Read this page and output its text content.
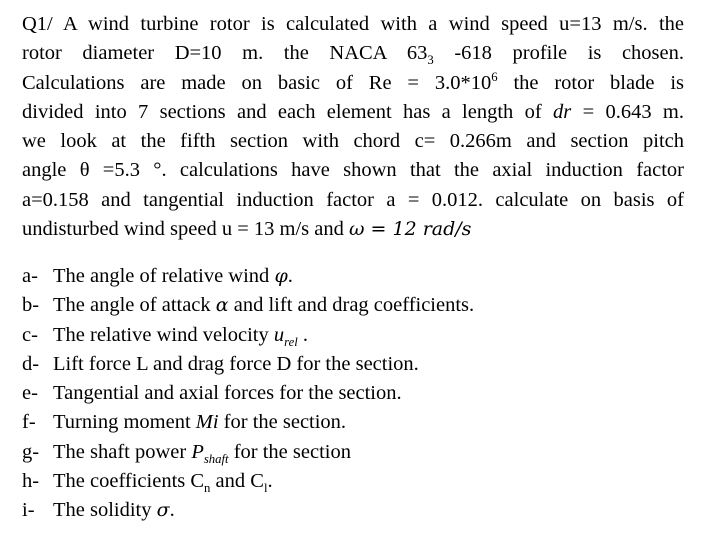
Q1/ A wind turbine rotor is calculated with a wind speed u=13 m/s. the
rotor diameter D=10 m. the NACA $63_3$ -618 profile is chosen.
Calculations are made on basic of $Re = 3.0*10^6$ the rotor blade is
divided into 7 sections and each element has a length of dr = 0.643 m.
we look at the fifth section with chord c= 0.266m and section pitch
angle θ =5.3 °. calculations have shown that the axial induction factor
a=0.158 and tangential induction factor a = 0.012. calculate on basis of
undisturbed wind speed u = 13 m/s and ω = 12 rad/s
a- The angle of relative wind φ.
b- The angle of attack α and lift and drag coefficients.
c- The relative wind velocity $u_{rel}$ .
d- Lift force L and drag force D for the section.
e- Tangential and axial forces for the section.
f- Turning moment Mi for the section.
g- The shaft power $P_{shaft}$ for the section
h- The coefficients $C_n$ and $C_l$.
i- The solidity σ.
